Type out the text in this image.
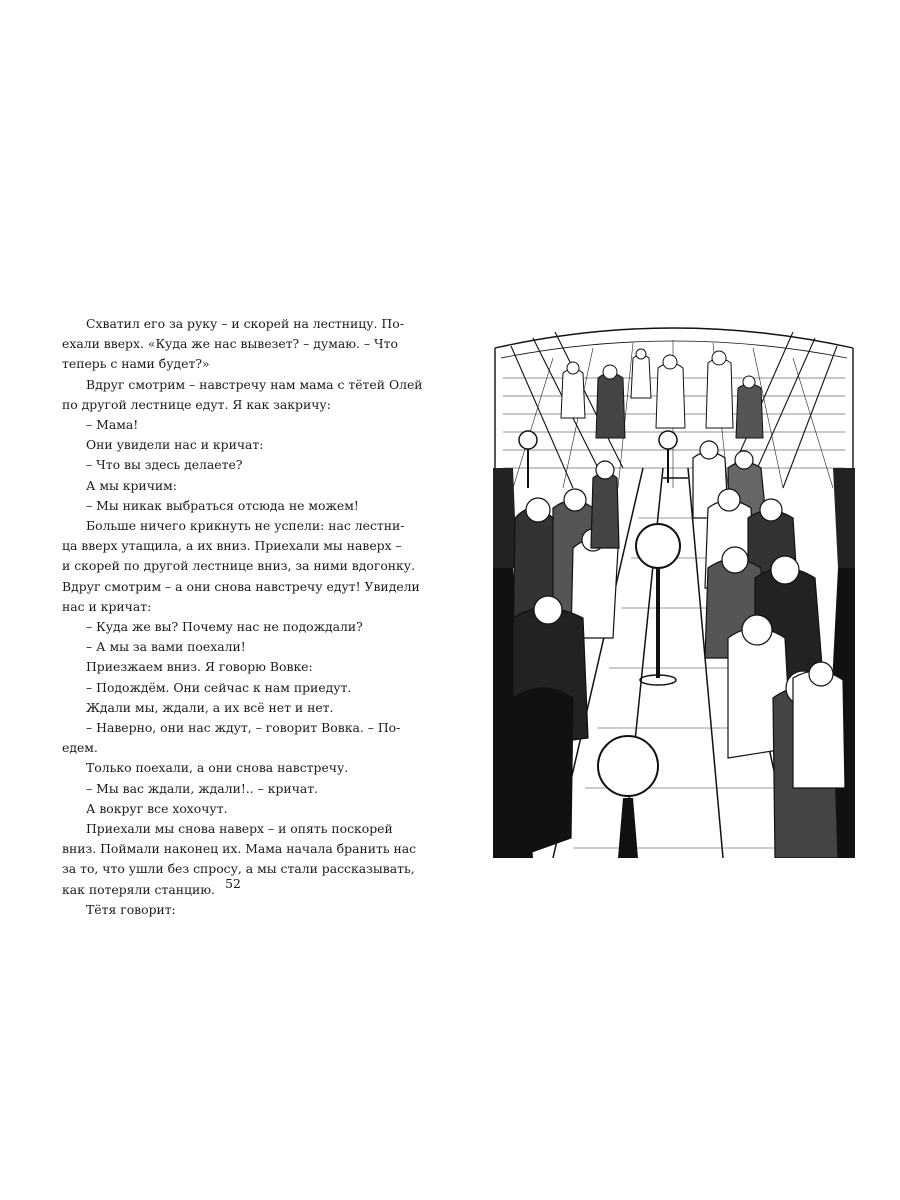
Схватил его за руку – и скорей на лестницу. По-
ехали вверх. «Куда же нас вывезет? – думаю. – Что
теперь с нами будет?»
Вдруг смотрим – навстречу нам мама с тётей Олей
по другой лестнице едут. Я как закричу:
– Мама!
Они увидели нас и кричат:
– Что вы здесь делаете?
А мы кричим:
– Мы никак выбраться отсюда не можем!
Больше ничего крикнуть не успели: нас лестни-
ца вверх утащила, а их вниз. Приехали мы наверх –
и скорей по другой лестнице вниз, за ними вдогонку.
Вдруг смотрим – а они снова навстречу едут! Увидели
нас и кричат:
– Куда же вы? Почему нас не подождали?
– А мы за вами поехали!
Приезжаем вниз. Я говорю Вовке:
– Подождём. Они сейчас к нам приедут.
Ждали мы, ждали, а их всё нет и нет.
– Наверно, они нас ждут, – говорит Вовка. – По-
едем.
Только поехали, а они снова навстречу.
– Мы вас ждали, ждали!.. – кричат.
А вокруг все хохочут.
Приехали мы снова наверх – и опять поскорей
вниз. Поймали наконец их. Мама начала бранить нас
за то, что ушли без спросу, а мы стали рассказывать,
как потеряли станцию.
Тётя говорит:
52
